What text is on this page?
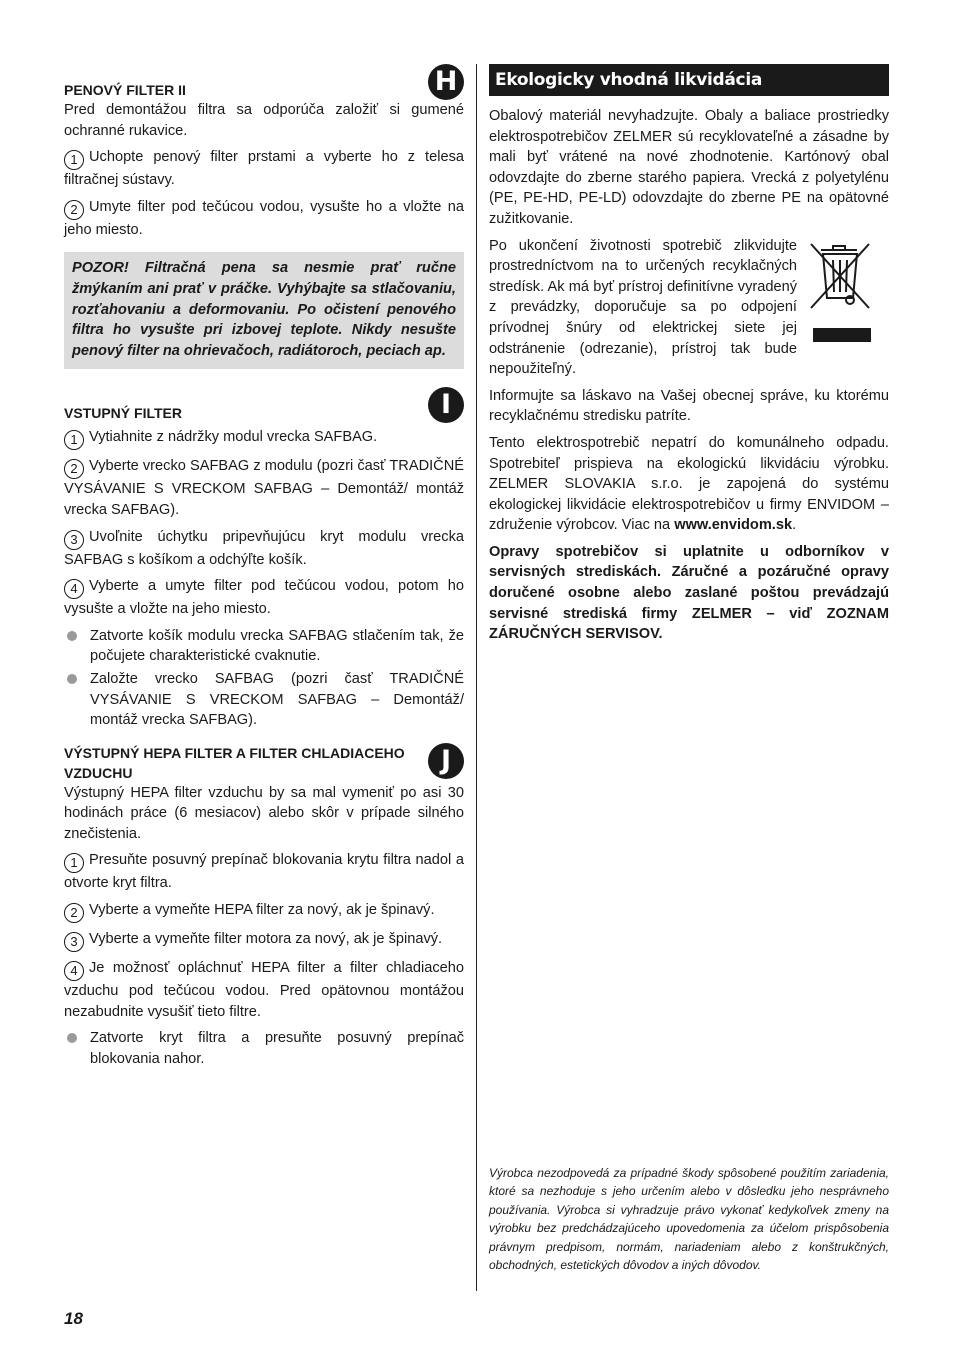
PENOVÝ FILTER II	H

Pred demontážou filtra sa odporúča založiť si gumené ochranné rukavice.

1 Uchopte penový filter prstami a vyberte ho z telesa filtračnej sústavy.
2 Umyte filter pod tečúcou vodou, vysušte ho a vložte na jeho miesto.
POZOR! Filtračná pena sa nesmie prať ručne žmýkaním ani prať v práčke. Vyhýbajte sa stlačovaniu, rozťahovaniu a deformovaniu. Po očistení penového filtra ho vysušte pri izbovej teplote. Nikdy nesušte penový filter na ohrievačoch, radiátoroch, peciach ap.
VSTUPNÝ FILTER	I
1 Vytiahnite z nádržky modul vrecka SAFBAG.
2 Vyberte vrecko SAFBAG z modulu (pozri časť TRADIČNÉ VYSÁVANIE S VRECKOM SAFBAG – Demontáž/ montáž vrecka SAFBAG).
3 Uvoľnite úchytku pripevňujúcu kryt modulu vrecka SAFBAG s košíkom a odchýľte košík.
4 Vyberte a umyte filter pod tečúcou vodou, potom ho vysušte a vložte na jeho miesto.
Zatvorte košík modulu vrecka SAFBAG stlačením tak, že počujete charakteristické cvaknutie.
Založte vrecko SAFBAG (pozri časť TRADIČNÉ VYSÁVANIE S VRECKOM SAFBAG – Demontáž/ montáž vrecka SAFBAG).
VÝSTUPNÝ HEPA FILTER A FILTER CHLADIACEHO VZDUCHU	J

Výstupný HEPA filter vzduchu by sa mal vymeniť po asi 30 hodinách práce (6 mesiacov) alebo skôr v prípade silného znečistenia.

1 Presuňte posuvný prepínač blokovania krytu filtra nadol a otvorte kryt filtra.
2 Vyberte a vymeňte HEPA filter za nový, ak je špinavý.
3 Vyberte a vymeňte filter motora za nový, ak je špinavý.
4 Je možnosť opláchnuť HEPA filter a filter chladiaceho vzduchu pod tečúcou vodou. Pred opätovnou montážou nezabudnite vysušiť tieto filtre.
Zatvorte kryt filtra a presuňte posuvný prepínač blokovania nahor.
Ekologicky vhodná likvidácia

Obalový materiál nevyhadzujte. Obaly a baliace prostriedky elektrospotrebičov ZELMER sú recyklovateľné a zásadne by mali byť vrátené na nové zhodnotenie. Kartónový obal odovzdajte do zberne starého papiera. Vrecká z polyetylénu (PE, PE-HD, PE-LD) odovzdajte do zberne PE na opätovné zužitkovanie.

Po ukončení životnosti spotrebič zlikvidujte prostredníctvom na to určených recyklačných stredísk. Ak má byť prístroj definitívne vyradený z prevádzky, doporučuje sa po odpojení prívodnej šnúry od elektrickej siete jej odstránenie (odrezanie), prístroj tak bude nepoužiteľný.

Informujte sa láskavo na Vašej obecnej správe, ku ktorému recyklačnému stredisku patríte.

Tento elektrospotrebič nepatrí do komunálneho odpadu. Spotrebiteľ prispieva na ekologickú likvidáciu výrobku. ZELMER SLOVAKIA s.r.o. je zapojená do systému ekologickej likvidácie elektrospotrebičov u firmy ENVIDOM – združenie výrobcov. Viac na www.envidom.sk.

Opravy spotrebičov si uplatnite u odborníkov v servisných strediskách. Záručné a pozáručné opravy doručené osobne alebo zaslané poštou prevádzajú servisné strediská firmy ZELMER – viď ZOZNAM ZÁRUČNÝCH SERVISOV.

Výrobca nezodpovedá za prípadné škody spôsobené použitím zariadenia, ktoré sa nezhoduje s jeho určením alebo v dôsledku jeho nesprávneho používania. Výrobca si vyhradzuje právo vykonať kedykoľvek zmeny na výrobku bez predchádzajúceho upovedomenia za účelom prispôsobenia právnym predpisom, normám, nariadeniam alebo z konštrukčných, obchodných, estetických dôvodov a iných dôvodov.
18
